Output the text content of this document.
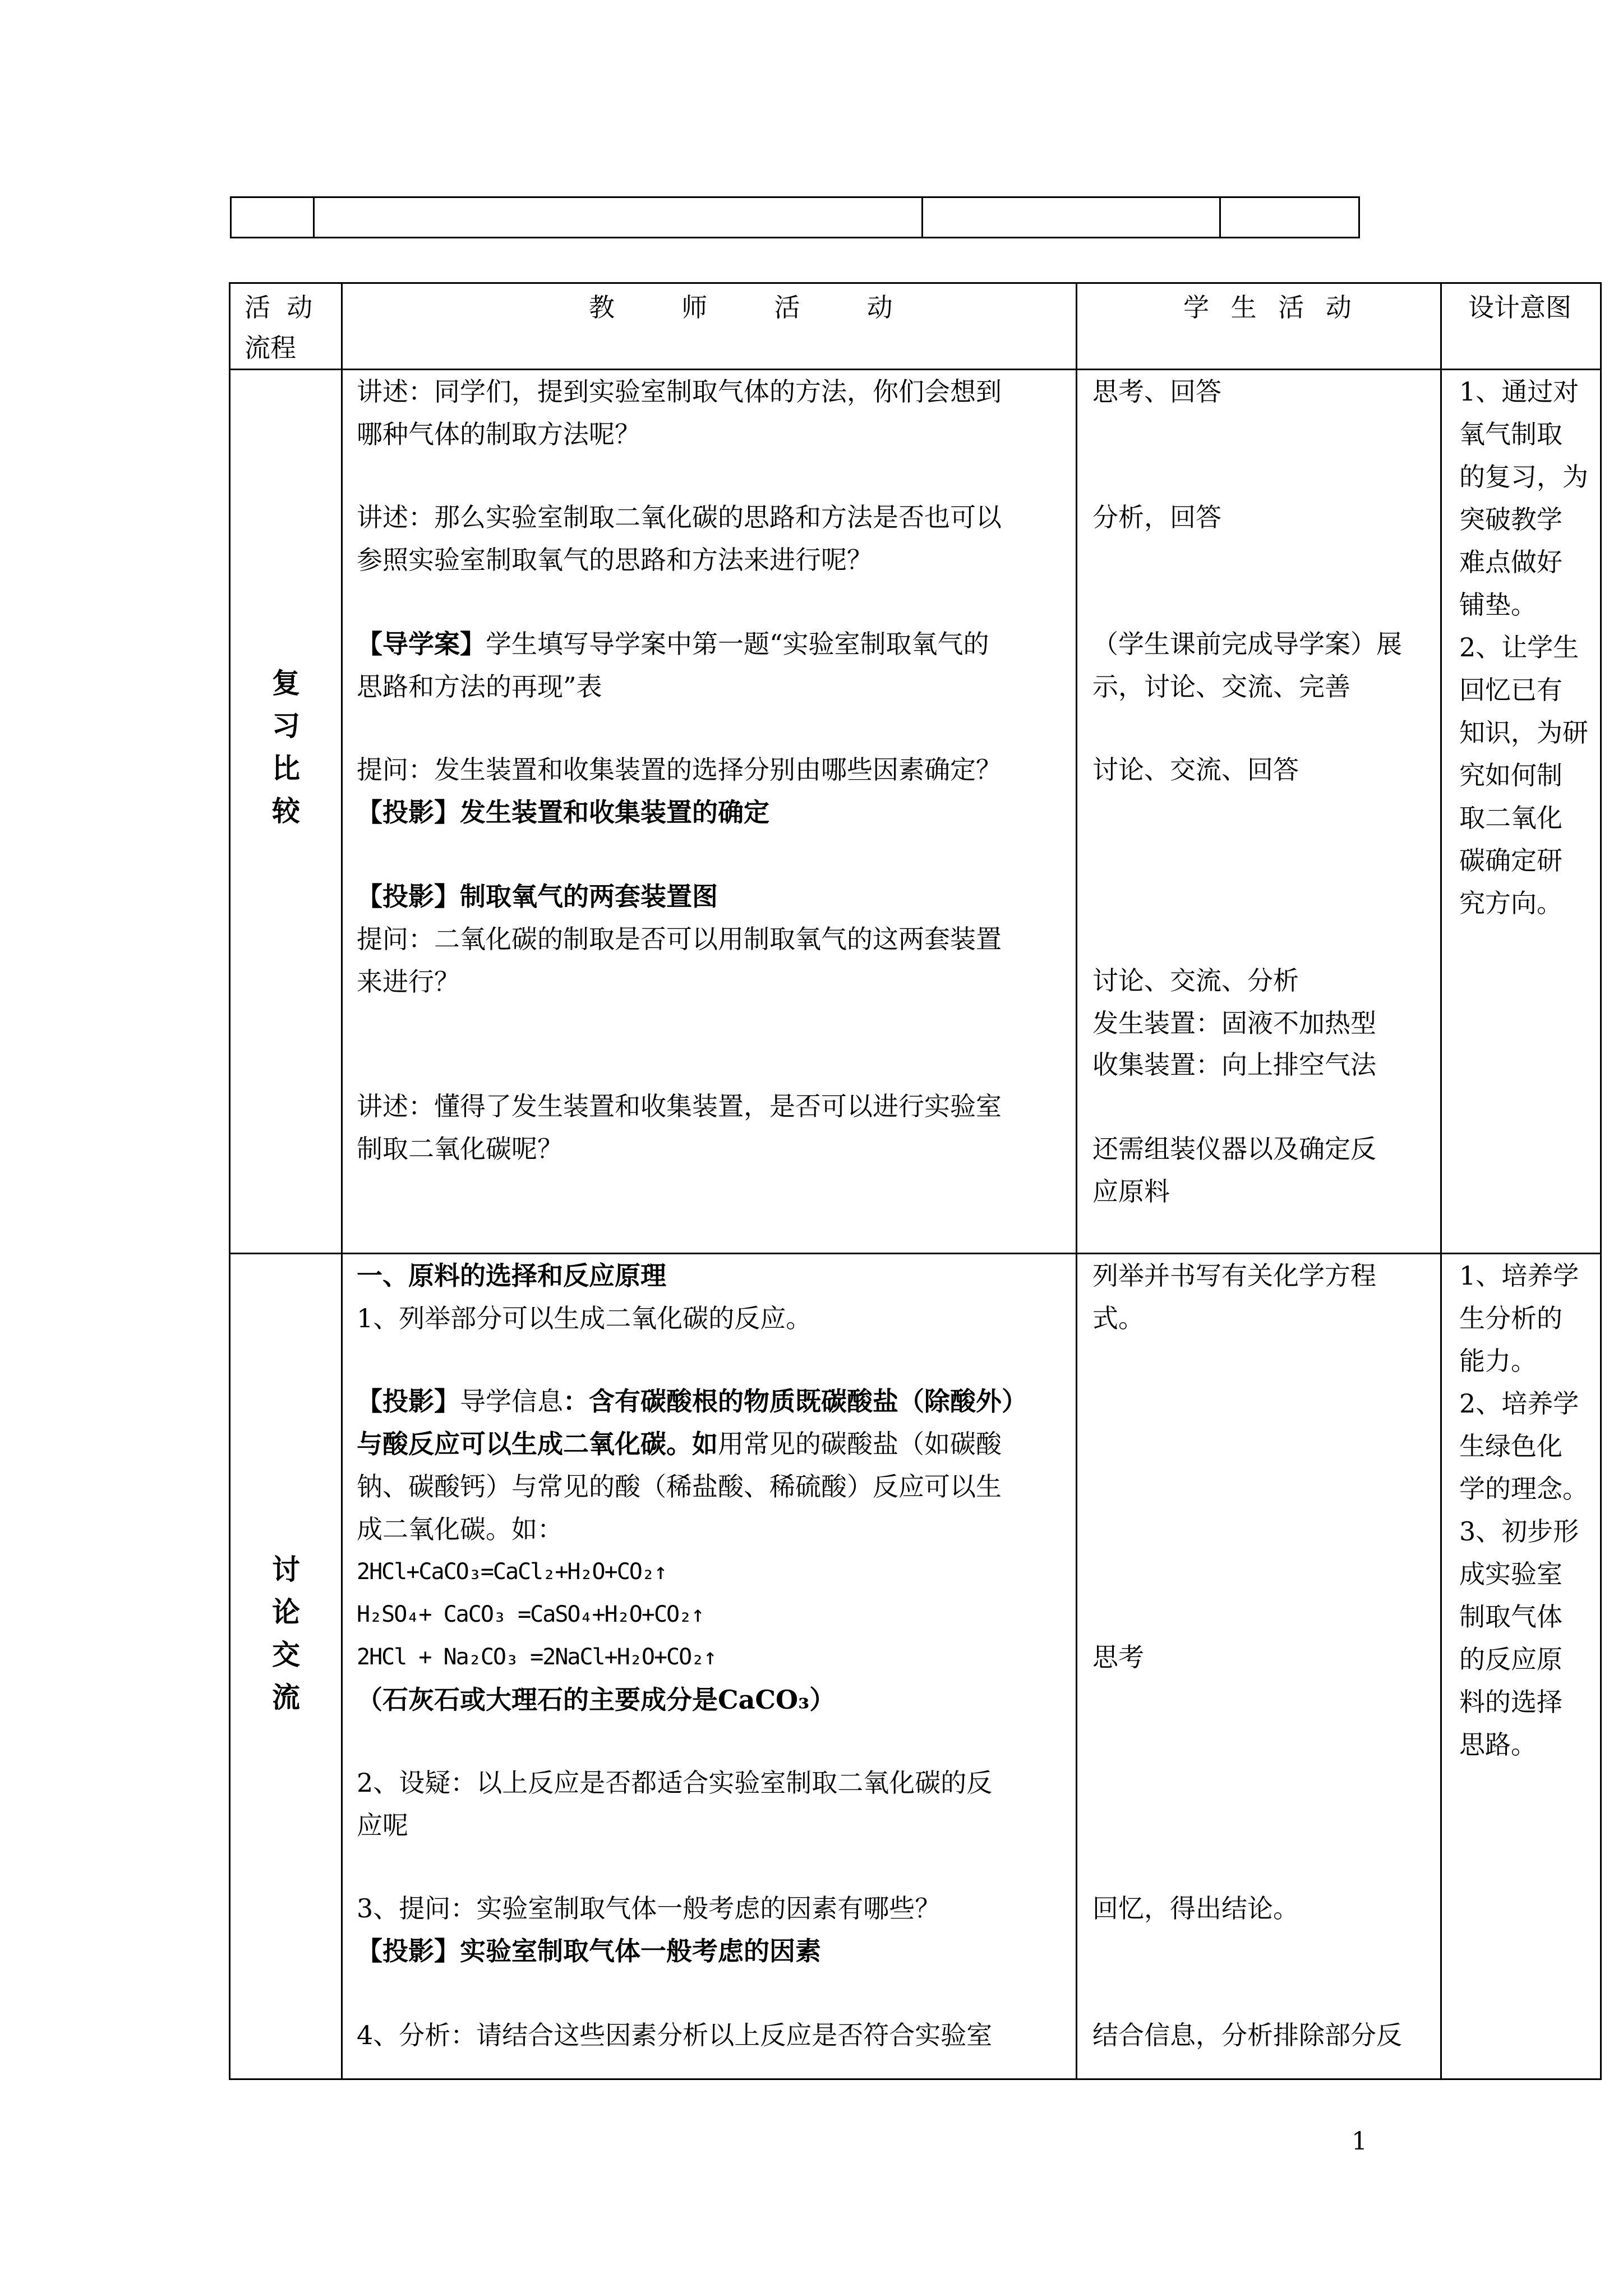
活  动
流程
教  师  活  动	学 生 活 动	设计意图
复
习
比
较
讲述：同学们，提到实验室制取气体的方法，你们会想到
哪种气体的制取方法呢？
讲述：那么实验室制取二氧化碳的思路和方法是否也可以
参照实验室制取氧气的思路和方法来进行呢？
【导学案】学生填写导学案中第一题“实验室制取氧气的
思路和方法的再现”表
提问：发生装置和收集装置的选择分别由哪些因素确定？
【投影】发生装置和收集装置的确定
【投影】制取氧气的两套装置图
提问：二氧化碳的制取是否可以用制取氧气的这两套装置
来进行？
讲述：懂得了发生装置和收集装置，是否可以进行实验室
制取二氧化碳呢？
思考、回答
分析，回答
（学生课前完成导学案）展
示，讨论、交流、完善
讨论、交流、回答
讨论、交流、分析
发生装置：固液不加热型
收集装置：向上排空气法
还需组装仪器以及确定反
应原料
1、通过对
氧气制取
的复习，为
突破教学
难点做好
铺垫。
2、让学生
回忆已有
知识，为研
究如何制
取二氧化
碳确定研
究方向。
讨
论
交
流
一、原料的选择和反应原理
1、列举部分可以生成二氧化碳的反应。
【投影】导学信息：含有碳酸根的物质既碳酸盐（除酸外）
与酸反应可以生成二氧化碳。如用常见的碳酸盐（如碳酸
钠、碳酸钙）与常见的酸（稀盐酸、稀硫酸）反应可以生
成二氧化碳。如：
2HCl+CaCO₃=CaCl₂+H₂O+CO₂↑
H₂SO₄+ CaCO₃ =CaSO₄+H₂O+CO₂↑
2HCl + Na₂CO₃ =2NaCl+H₂O+CO₂↑
（石灰石或大理石的主要成分是CaCO₃）
2、设疑：以上反应是否都适合实验室制取二氧化碳的反
应呢
3、提问：实验室制取气体一般考虑的因素有哪些？
【投影】实验室制取气体一般考虑的因素
4、分析：请结合这些因素分析以上反应是否符合实验室
列举并书写有关化学方程
式。
思考
回忆，得出结论。
结合信息，分析排除部分反
1、培养学
生分析的
能力。
2、培养学
生绿色化
学的理念。
3、初步形
成实验室
制取气体
的反应原
料的选择
思路。
1
